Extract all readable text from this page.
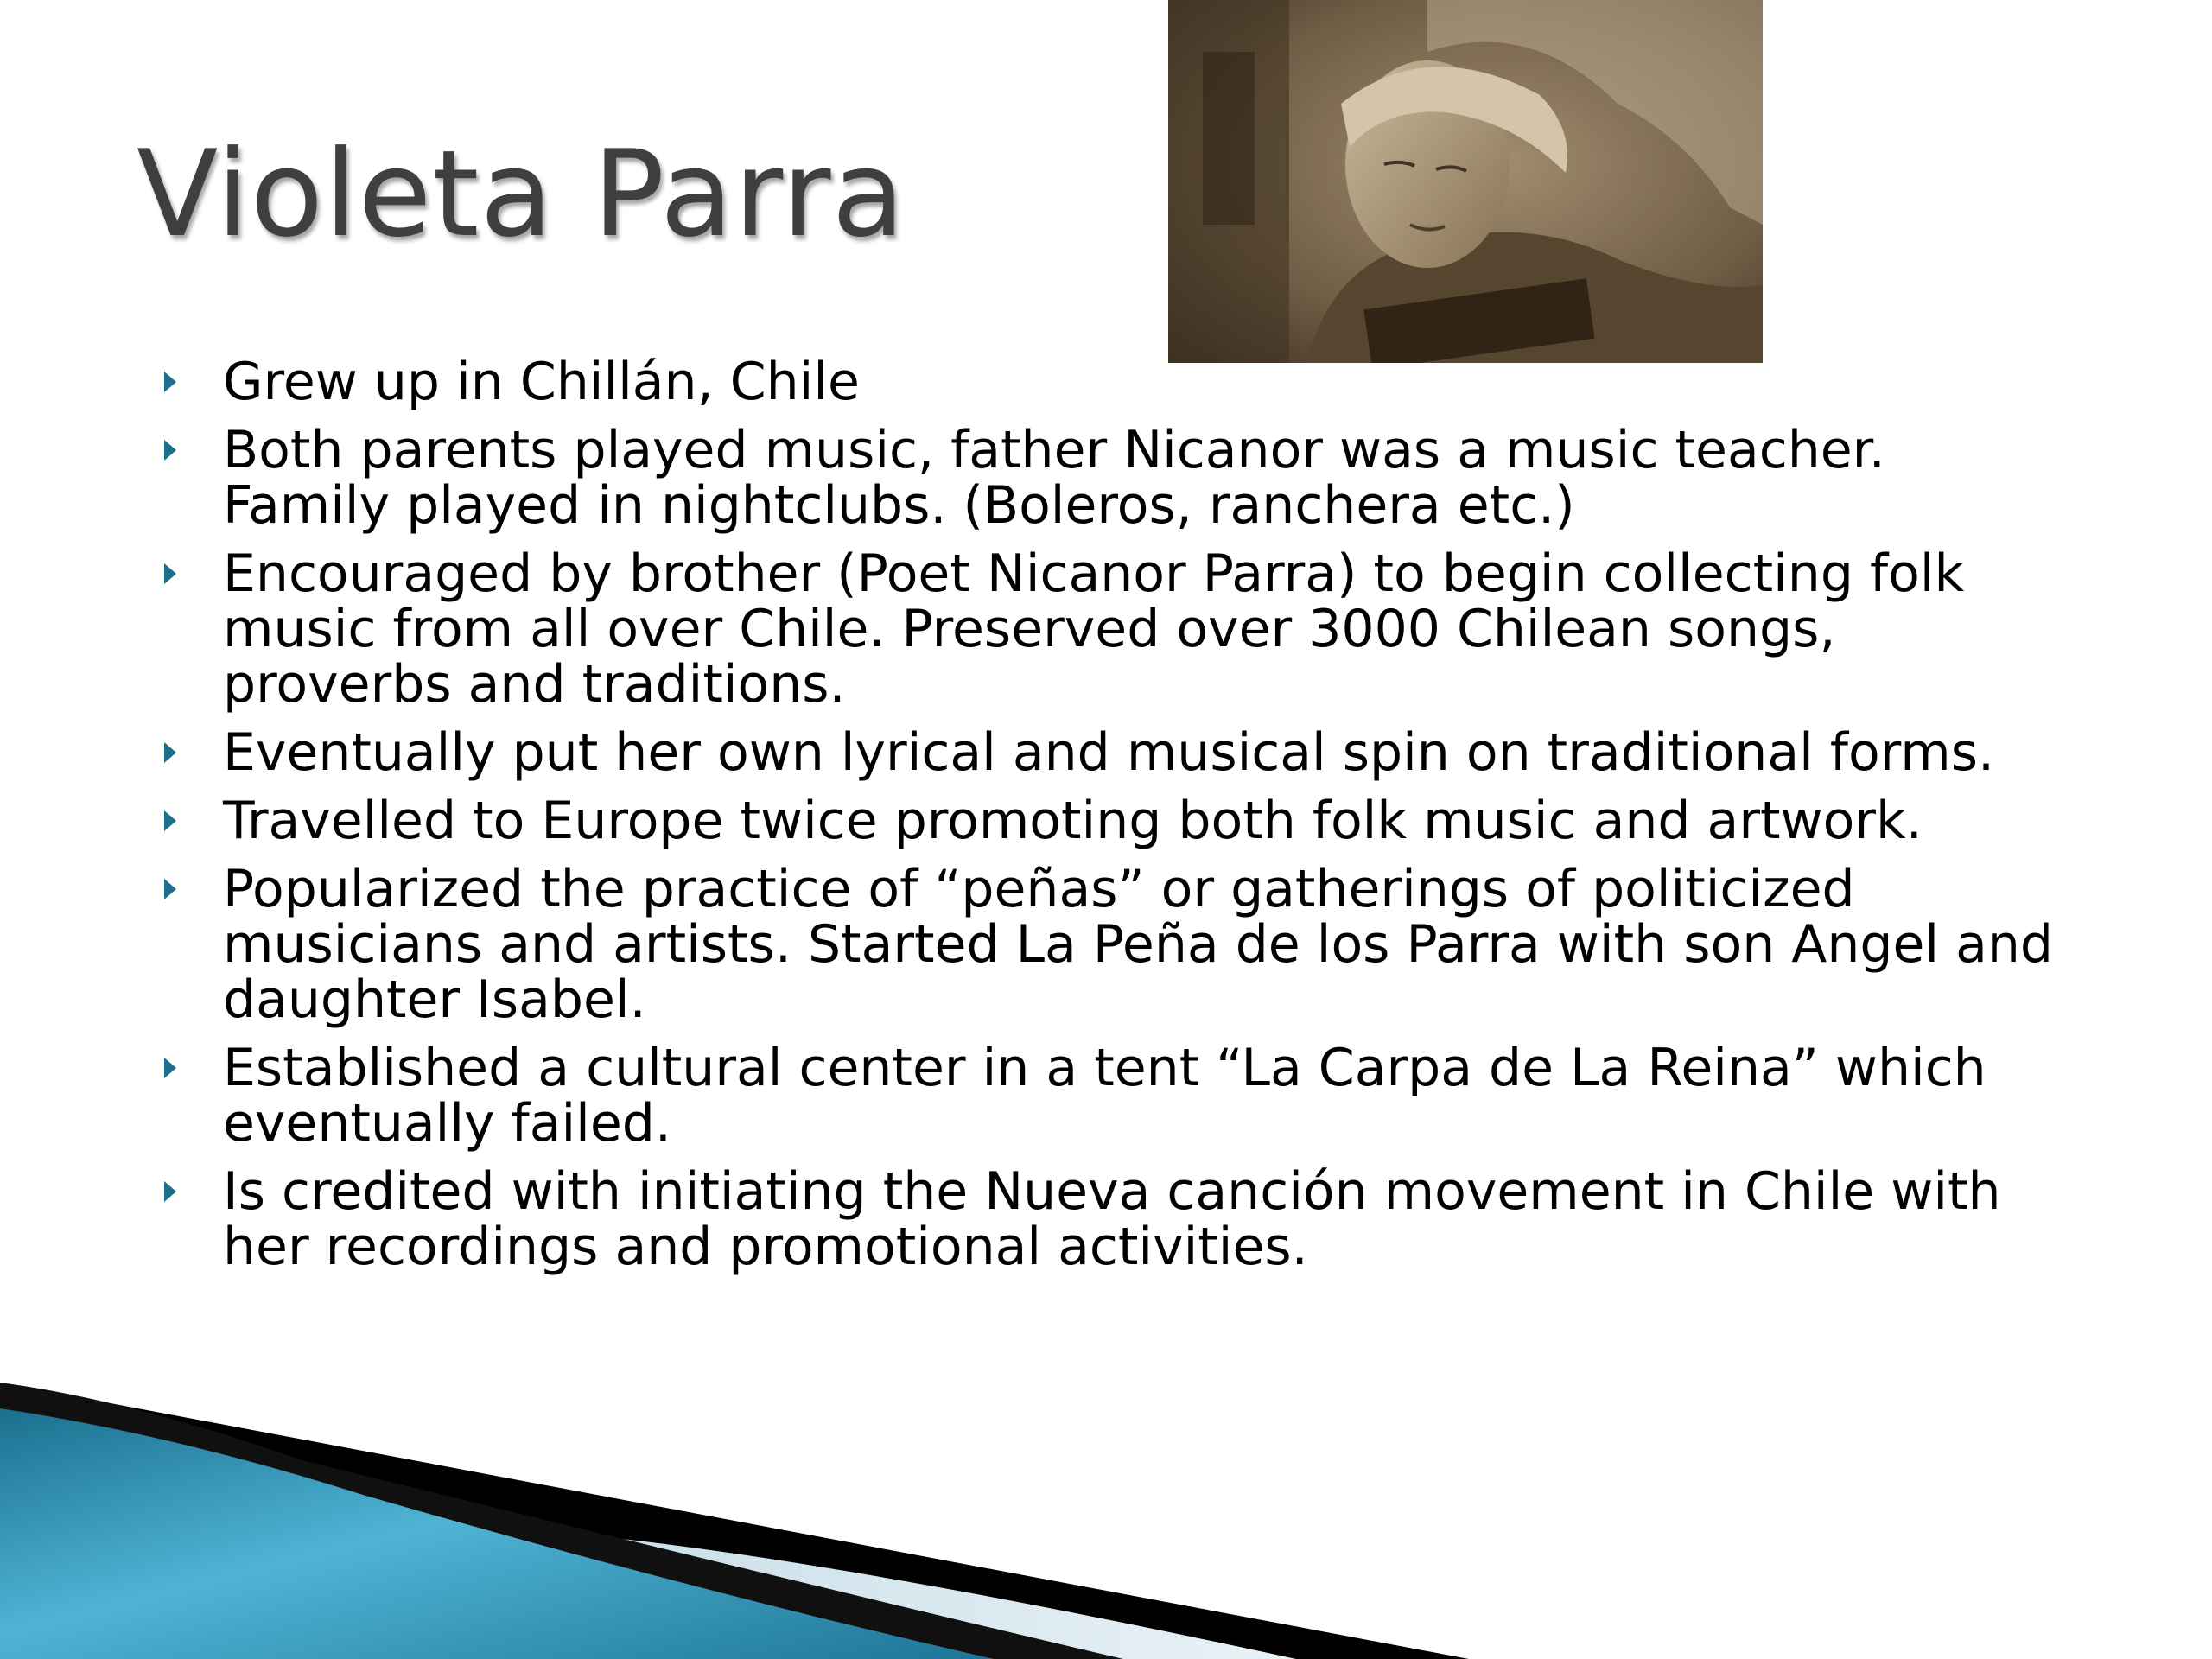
Violeta Parra
Grew up in Chillán, Chile
Both parents played music, father Nicanor was a music teacher. Family played in nightclubs. (Boleros, ranchera etc.)
Encouraged by brother (Poet Nicanor Parra) to begin collecting folk music from all over Chile. Preserved over 3000 Chilean songs, proverbs and traditions.
Eventually put her own lyrical and musical spin on traditional forms.
Travelled to Europe twice promoting both folk music and artwork.
Popularized the practice of “peñas” or gatherings of politicized musicians and artists. Started La Peña de los Parra with son Angel and daughter Isabel.
Established a cultural center in a tent “La Carpa de La Reina” which eventually failed.
Is credited with initiating the Nueva canción movement in Chile with her recordings and promotional activities.
